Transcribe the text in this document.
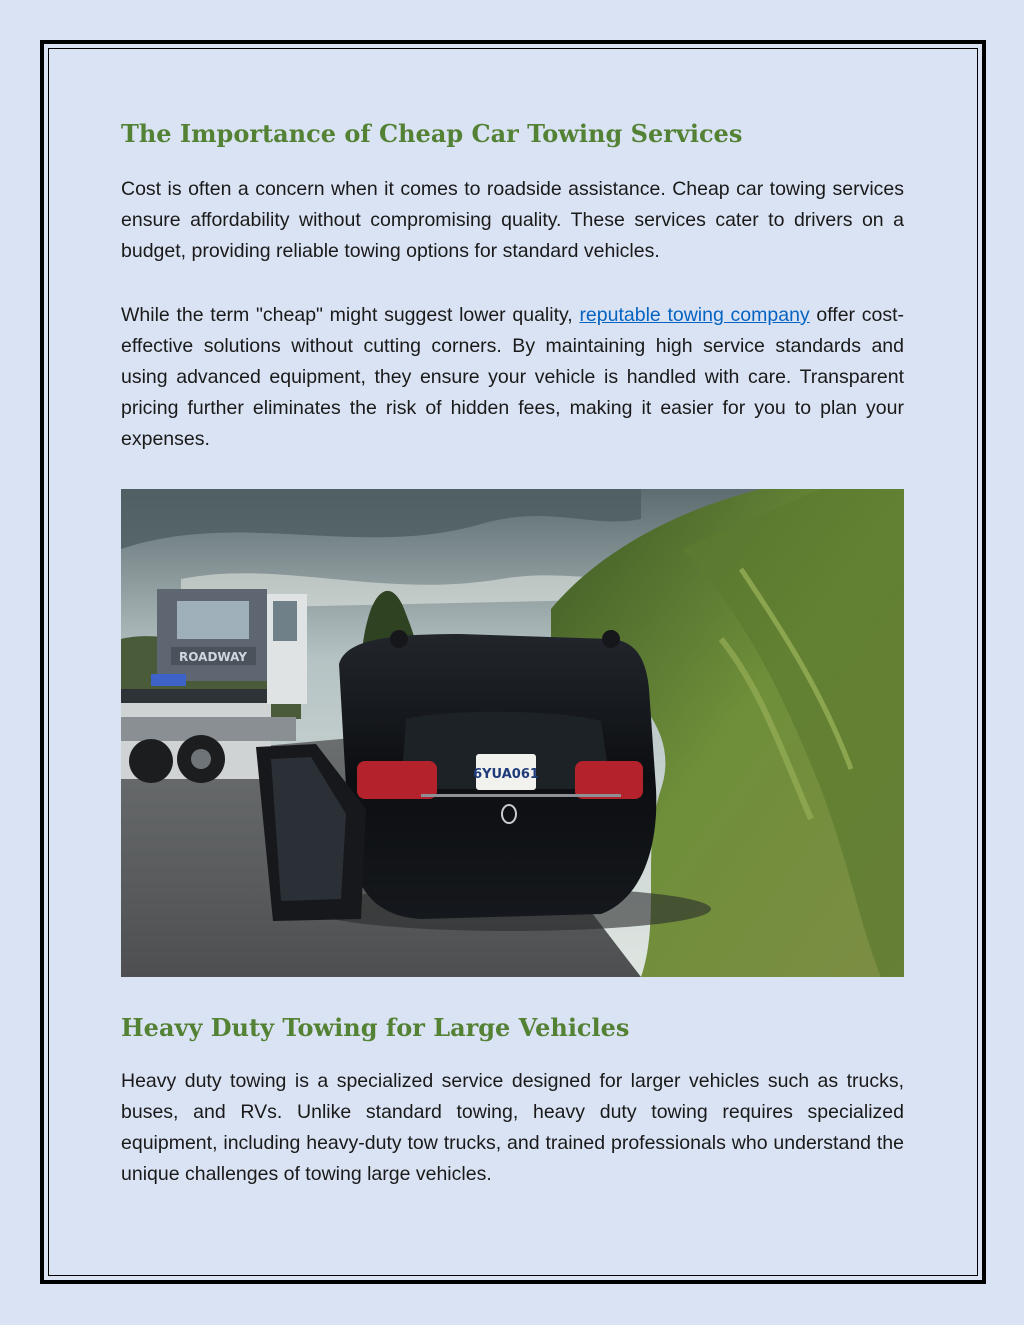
The Importance of Cheap Car Towing Services

Cost is often a concern when it comes to roadside assistance. Cheap car towing services ensure affordability without compromising quality. These services cater to drivers on a budget, providing reliable towing options for standard vehicles.

While the term "cheap" might suggest lower quality, reputable towing company offer cost-effective solutions without cutting corners. By maintaining high service standards and using advanced equipment, they ensure your vehicle is handled with care. Transparent pricing further eliminates the risk of hidden fees, making it easier for you to plan your expenses.

ROADWAY
6YUA061
Heavy Duty Towing for Large Vehicles

Heavy duty towing is a specialized service designed for larger vehicles such as trucks, buses, and RVs. Unlike standard towing, heavy duty towing requires specialized equipment, including heavy-duty tow trucks, and trained professionals who understand the unique challenges of towing large vehicles.
